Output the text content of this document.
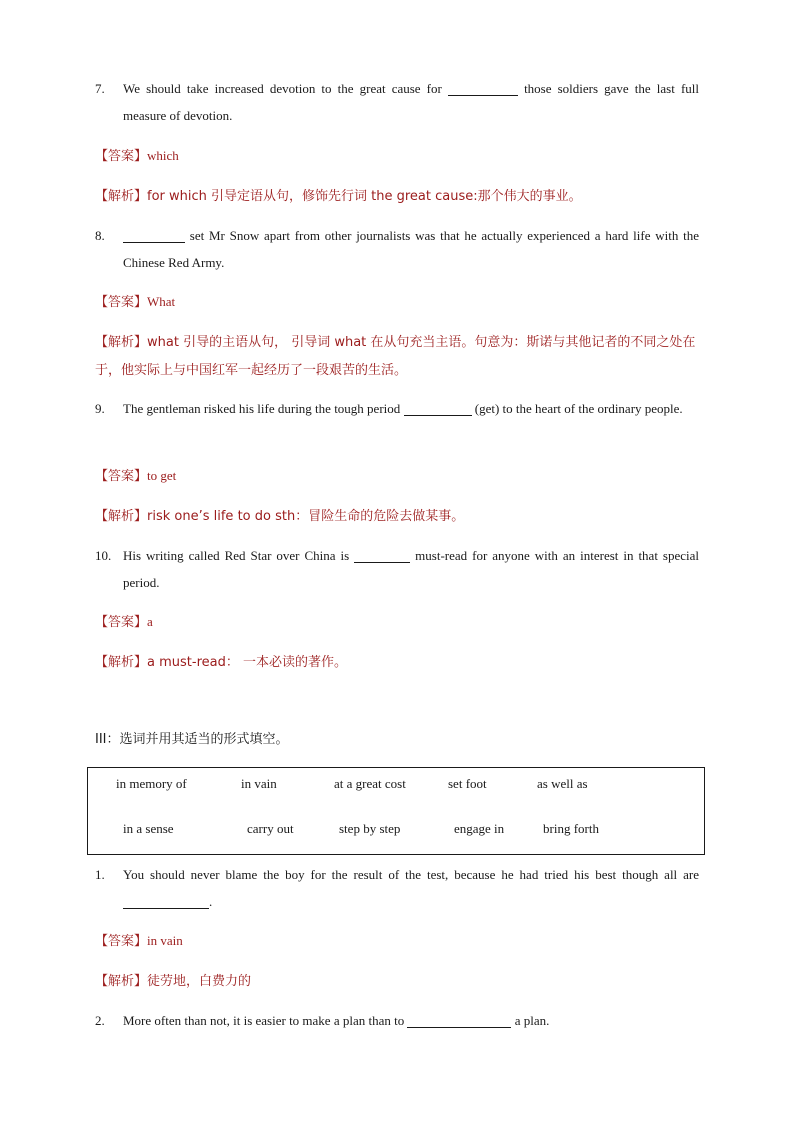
7. We should take increased devotion to the great cause for	those soldiers gave the last full measure of devotion.
【答案】which
【解析】for which 引导定语从句，修饰先行词 the great cause:那个伟大的事业。
8.	set Mr Snow apart from other journalists was that he actually experienced a hard life with the Chinese Red Army.
【答案】What
【解析】what 引导的主语从句， 引导词 what 在从句充当主语。句意为：斯诺与其他记者的不同之处在于，他实际上与中国红军一起经历了一段艰苦的生活。
9. The gentleman risked his life during the tough period	(get) to the heart of the ordinary people.
【答案】to get
【解析】risk one’s life to do sth：冒险生命的危险去做某事。
10. His writing called Red Star over China is	must-read for anyone with an interest in that special period.
【答案】a
【解析】a must-read： 一本必读的著作。
III：选词并用其适当的形式填空。
in memory of	in vain	at a great cost	set foot	as well as
in a sense	carry out	step by step	engage in	bring forth
1. You should never blame the boy for the result of the test, because he had tried his best though all are .
【答案】in vain
【解析】徒劳地，白费力的
2. More often than not, it is easier to make a plan than to	a plan.
